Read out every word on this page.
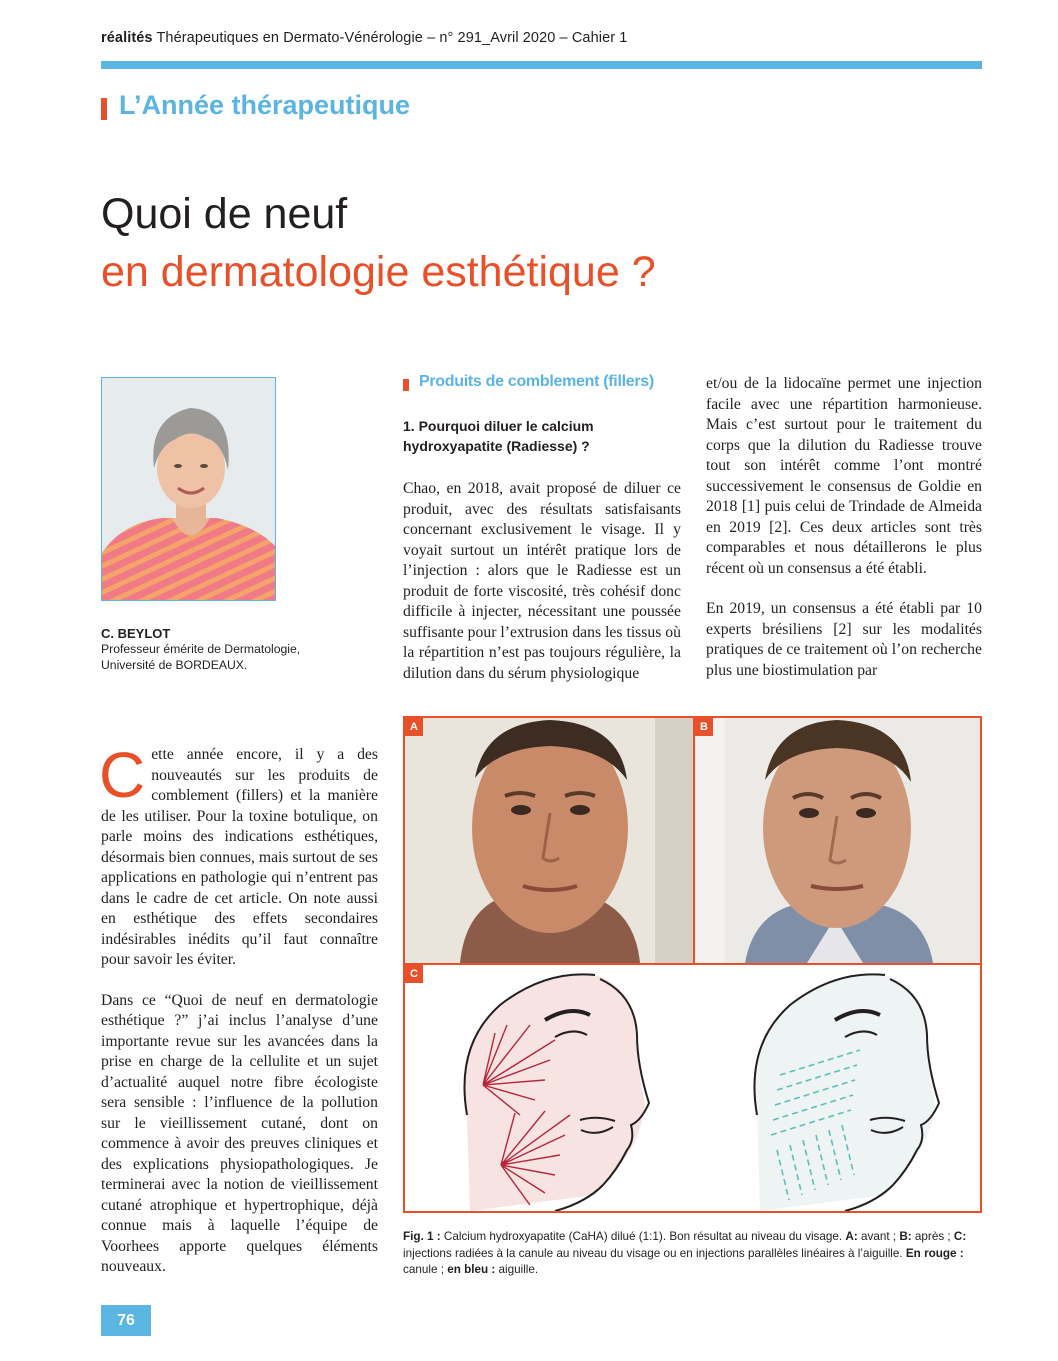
réalités Thérapeutiques en Dermato-Vénérologie – n° 291_Avril 2020 – Cahier 1
L’Année thérapeutique
Quoi de neuf
en dermatologie esthétique ?
C. BEYLOT
Professeur émérite de Dermatologie,
Université de BORDEAUX.

Cette année encore, il y a des nouveautés sur les produits de comblement (fillers) et la manière de les utiliser. Pour la toxine botulique, on parle moins des indications esthétiques, désormais bien connues, mais surtout de ses applications en pathologie qui n’entrent pas dans le cadre de cet article. On note aussi en esthétique des effets secondaires indésirables inédits qu’il faut connaître pour savoir les éviter.

Dans ce “Quoi de neuf en dermatologie esthétique ?” j’ai inclus l’analyse d’une importante revue sur les avancées dans la prise en charge de la cellulite et un sujet d’actualité auquel notre fibre écologiste sera sensible : l’influence de la pollution sur le vieillissement cutané, dont on commence à avoir des preuves cliniques et des explications physiopathologiques. Je terminerai avec la notion de vieillissement cutané atrophique et hypertrophique, déjà connue mais à laquelle l’équipe de Voorhees apporte quelques éléments nouveaux.

Produits de comblement (fillers)
1. Pourquoi diluer le calcium hydroxyapatite (Radiesse) ?
Chao, en 2018, avait proposé de diluer ce produit, avec des résultats satisfaisants concernant exclusivement le visage. Il y voyait surtout un intérêt pratique lors de l’injection : alors que le Radiesse est un produit de forte viscosité, très cohésif donc difficile à injecter, nécessitant une poussée suffisante pour l’extrusion dans les tissus où la répartition n’est pas toujours régulière, la dilution dans du sérum physiologique

et/ou de la lidocaïne permet une injection facile avec une répartition harmonieuse. Mais c’est surtout pour le traitement du corps que la dilution du Radiesse trouve tout son intérêt comme l’ont montré successivement le consensus de Goldie en 2018 [1] puis celui de Trindade de Almeida en 2019 [2]. Ces deux articles sont très comparables et nous détaillerons le plus récent où un consensus a été établi.

En 2019, un consensus a été établi par 10 experts brésiliens [2] sur les modalités pratiques de ce traitement où l’on recherche plus une biostimulation par

A	B
C
Fig. 1 : Calcium hydroxyapatite (CaHA) dilué (1:1). Bon résultat au niveau du visage. A: avant ; B: après ; C: injections radiées à la canule au niveau du visage ou en injections parallèles linéaires à l’aiguille. En rouge : canule ; en bleu : aiguille.
76
